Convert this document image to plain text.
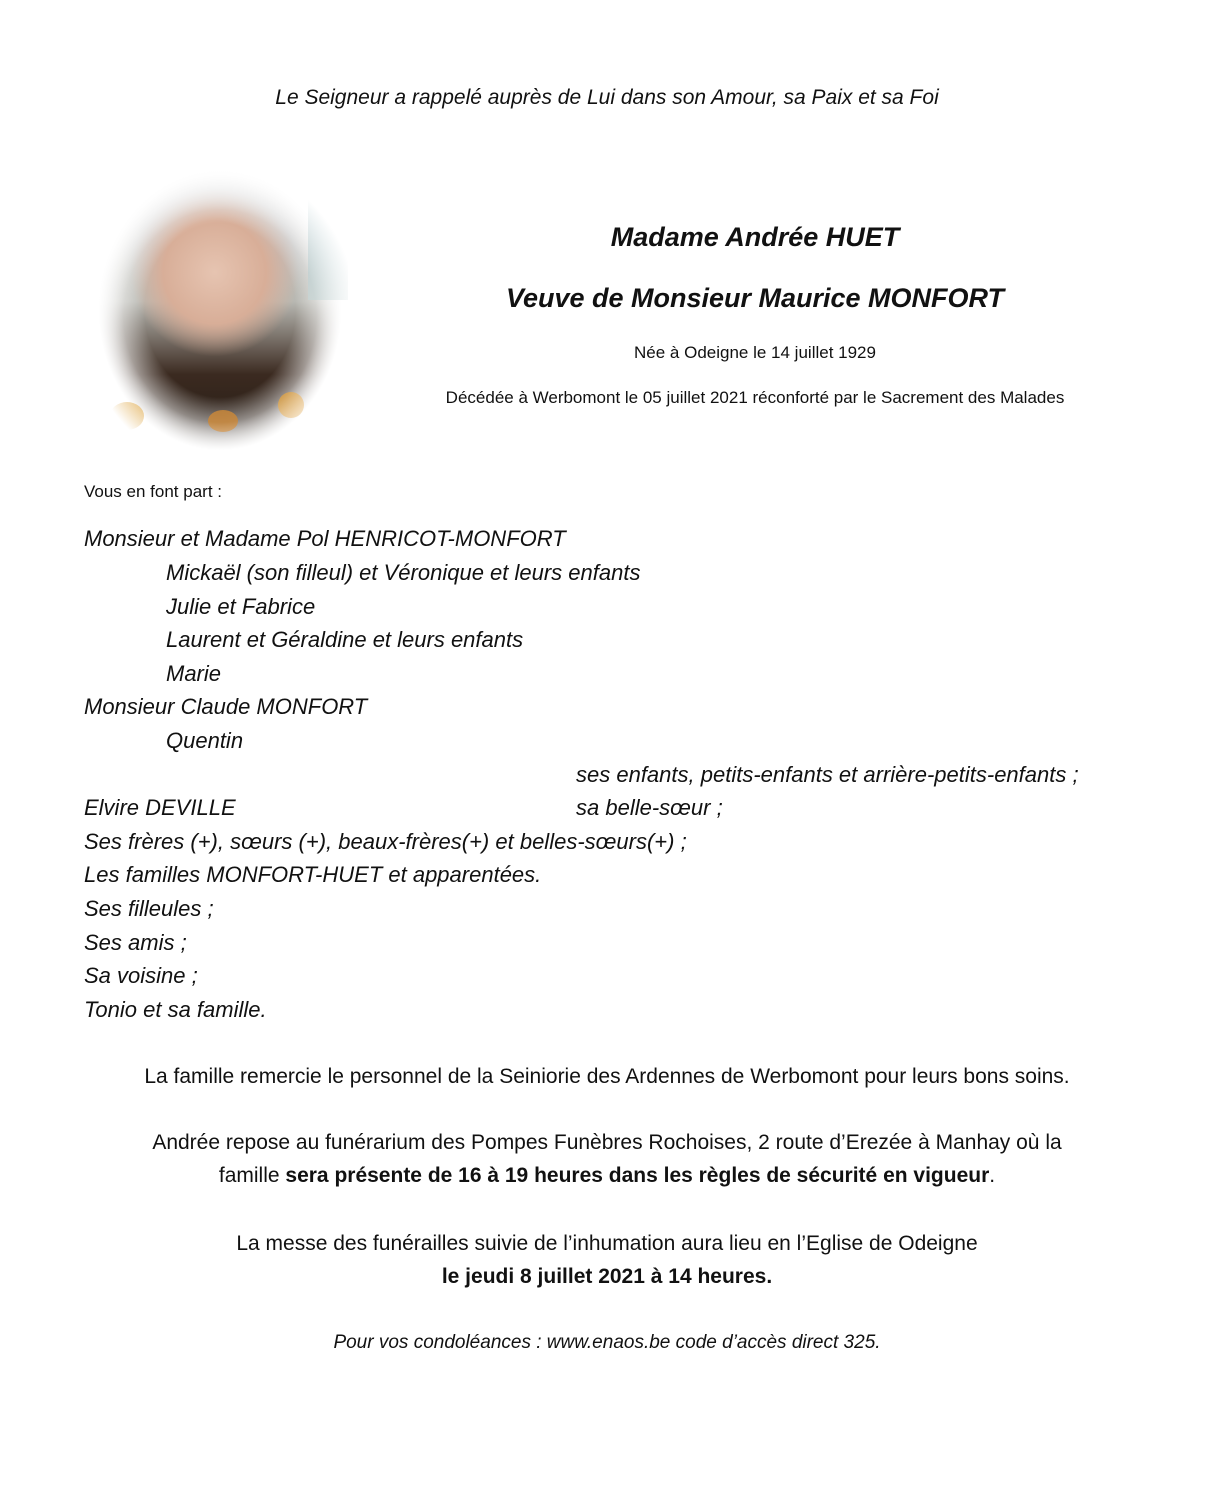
Le Seigneur a rappelé auprès de Lui dans son Amour, sa Paix et sa Foi
Madame Andrée HUET
Veuve de Monsieur Maurice MONFORT
Née à Odeigne le 14 juillet 1929
Décédée à Werbomont le 05 juillet 2021 réconforté par le Sacrement des Malades
Vous en font part :
Monsieur et Madame Pol HENRICOT-MONFORT
Mickaël (son filleul) et Véronique et leurs enfants
Julie et Fabrice
Laurent et Géraldine et leurs enfants
Marie
Monsieur Claude MONFORT
Quentin
ses enfants, petits-enfants et arrière-petits-enfants ;
Elvire DEVILLE	sa belle-sœur ;
Ses frères (+), sœurs (+), beaux-frères(+) et belles-sœurs(+) ;
Les familles MONFORT-HUET et apparentées.
Ses filleules ;
Ses amis ;
Sa voisine ;
Tonio et sa famille.
La famille remercie le personnel de la Seiniorie des Ardennes de Werbomont pour leurs bons soins.
Andrée repose au funérarium des Pompes Funèbres Rochoises, 2 route d’Erezée à Manhay où la
famille sera présente de 16 à 19 heures dans les règles de sécurité en vigueur.
La messe des funérailles suivie de l’inhumation aura lieu en l’Eglise de Odeigne
le jeudi 8 juillet 2021 à 14 heures.
Pour vos condoléances : www.enaos.be code d’accès direct 325.
